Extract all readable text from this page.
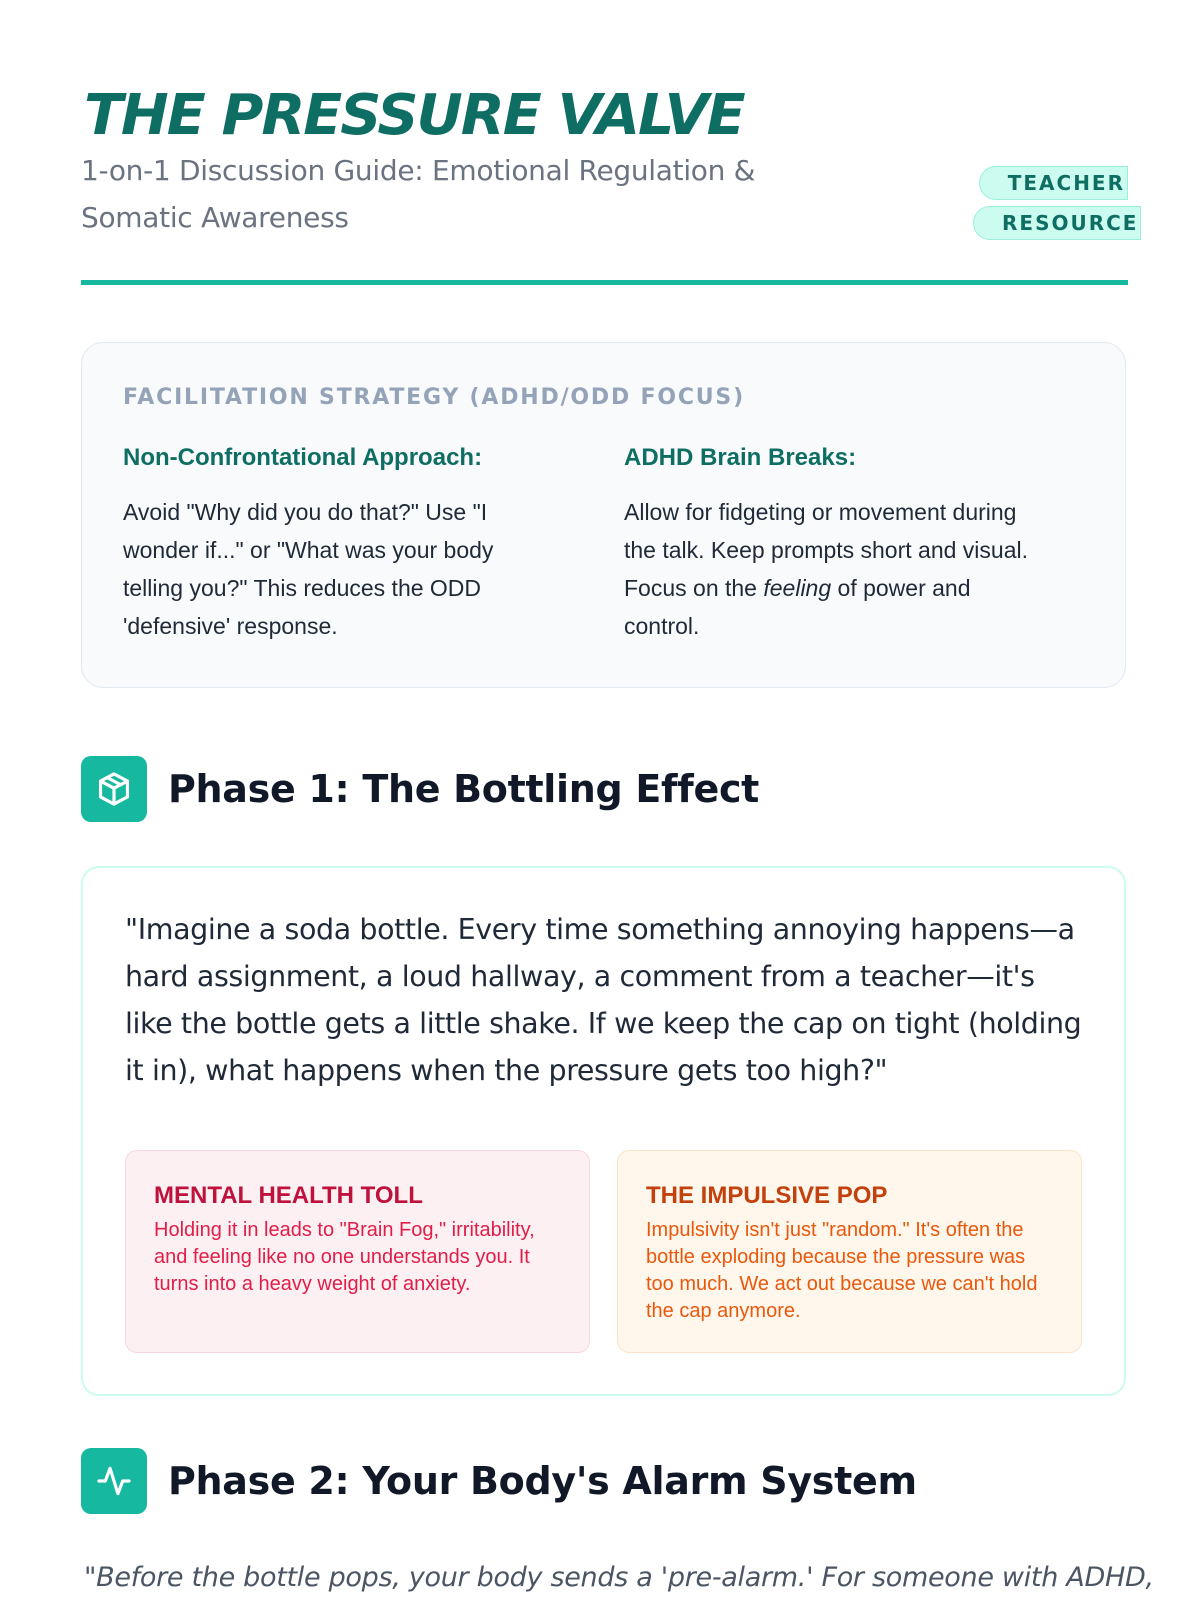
THE PRESSURE VALVE

1-on-1 Discussion Guide: Emotional Regulation & Somatic Awareness

TEACHER RESOURCE
FACILITATION STRATEGY (ADHD/ODD FOCUS)
Non-Confrontational Approach:

Avoid "Why did you do that?" Use "I wonder if..." or "What was your body telling you?" This reduces the ODD 'defensive' response.

ADHD Brain Breaks:

Allow for fidgeting or movement during the talk. Keep prompts short and visual. Focus on the feeling of power and control.

Phase 1: The Bottling Effect

"Imagine a soda bottle. Every time something annoying happens—a hard assignment, a loud hallway, a comment from a teacher—it's like the bottle gets a little shake. If we keep the cap on tight (holding it in), what happens when the pressure gets too high?"

MENTAL HEALTH TOLL

Holding it in leads to "Brain Fog," irritability, and feeling like no one understands you. It turns into a heavy weight of anxiety.

THE IMPULSIVE POP

Impulsivity isn't just "random." It's often the bottle exploding because the pressure was too much. We act out because we can't hold the cap anymore.

Phase 2: Your Body's Alarm System

"Before the bottle pops, your body sends a 'pre-alarm.' For someone with ADHD,
